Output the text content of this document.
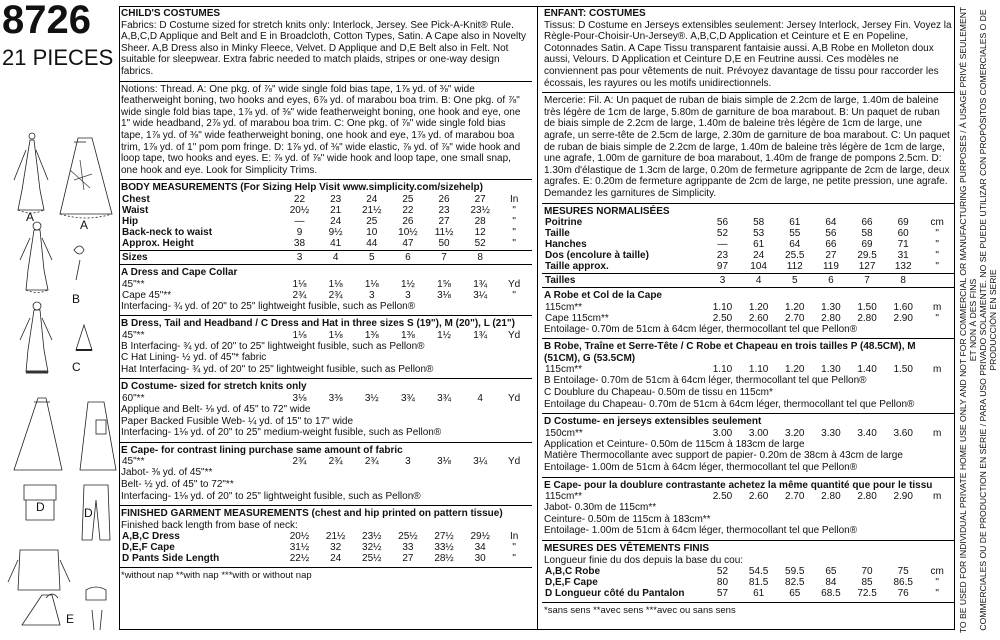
8726
21 PIECES
A
A
B
C
D	D
E
CHILD'S COSTUMES
Fabrics: D Costume sized for stretch knits only: Interlock, Jersey. See Pick-A-Knit® Rule. A,B,C,D Applique and Belt and E in Broadcloth, Cotton Types, Satin. A Cape also in Novelty Sheer. A,B Dress also in Minky Fleece, Velvet. D Applique and D,E Belt also in Felt. Not suitable for sleepwear. Extra fabric needed to match plaids, stripes or one-way design fabrics.
Notions: Thread. A: One pkg. of ⅞" wide single fold bias tape, 1⅞ yd. of ⅜" wide featherweight boning, two hooks and eyes, 6⅞ yd. of marabou boa trim. B: One pkg. of ⅞" wide single fold bias tape, 1⅞ yd. of ⅜" wide featherweight boning, one hook and eye, one 1" wide headband, 2⅞ yd. of marabou boa trim. C: One pkg. of ⅞" wide single fold bias tape, 1⅞ yd. of ⅜" wide featherweight boning, one hook and eye, 1⅞ yd. of marabou boa trim, 1⅞ yd. of 1" pom pom fringe. D: 1⅞ yd. of ⅜" wide elastic, ⅞ yd. of ⅞" wide hook and loop tape, two hooks and eyes. E: ⅞ yd. of ⅞" wide hook and loop tape, one small snap, one hook and eye. Look for Simplicity Trims.
BODY MEASUREMENTS (For Sizing Help Visit www.simplicity.com/sizehelp)
Chest	22	23	24	25	26	27	In
Waist	20½	21	21½	22	23	23½	"
Hip	—	24	25	26	27	28	"
Back-neck to waist	9	9½	10	10½	11½	12	"
Approx. Height	38	41	44	47	50	52	"
Sizes	3	4	5	6	7	8	
A Dress and Cape Collar
45"**	1⅛	1⅛	1⅛	1½	1⅝	1¾	Yd
Cape 45"**	2¾	2¾	3	3	3⅛	3¼	"
Interfacing- ¾ yd. of 20" to 25" lightweight fusible, such as Pellon®
B Dress, Tail and Headband / C Dress and Hat in three sizes S (19"), M (20"), L (21")
45"**	1⅛	1⅛	1⅜	1⅜	1½	1¾	Yd
B Interfacing- ¾ yd. of 20" to 25" lightweight fusible, such as Pellon®
C Hat Lining- ½ yd. of 45"* fabric
Hat Interfacing- ¾ yd. of 20" to 25" lightweight fusible, such as Pellon®
D Costume- sized for stretch knits only
60"**	3⅛	3⅜	3½	3¾	3¾	4	Yd
Applique and Belt- ⅛ yd. of 45" to 72" wide
Paper Backed Fusible Web- ¼ yd. of 15" to 17" wide
Interfacing- 1⅛ yd. of 20" to 25" medium-weight fusible, such as Pellon®
E Cape- for contrast lining purchase same amount of fabric
45"**	2¾	2¾	2¾	3	3⅛	3¼	Yd
Jabot- ⅜ yd. of 45"**
Belt- ½ yd. of 45" to 72"**
Interfacing- 1⅛ yd. of 20" to 25" lightweight fusible, such as Pellon®
FINISHED GARMENT MEASUREMENTS (chest and hip printed on pattern tissue)
Finished back length from base of neck:
A,B,C Dress	20½	21½	23½	25½	27½	29½	In
D,E,F Cape	31½	32	32½	33	33½	34	"
D Pants Side Length	22½	24	25½	27	28½	30	"
*without nap **with nap ***with or without nap
ENFANT: COSTUMES
Tissus: D Costume en Jerseys extensibles seulement: Jersey Interlock, Jersey Fin. Voyez la Règle-Pour-Choisir-Un-Jersey®. A,B,C,D Application et Ceinture et E en Popeline, Cotonnades Satin. A Cape Tissu transparent fantaisie aussi. A,B Robe en Molleton doux aussi, Velours. D Application et Ceinture D,E en Feutrine aussi. Ces modèles ne conviennent pas pour vêtements de nuit. Prévoyez davantage de tissu pour raccorder les écossais, les rayures ou les motifs unidirectionnels.
Mercerie: Fil. A: Un paquet de ruban de biais simple de 2.2cm de large, 1.40m de baleine très légère de 1cm de large, 5.80m de garniture de boa marabout. B: Un paquet de ruban de biais simple de 2.2cm de large, 1.40m de baleine très légère de 1cm de large, une agrafe, un serre-tête de 2.5cm de large, 2.30m de garniture de boa marabout. C: Un paquet de ruban de biais simple de 2.2cm de large, 1.40m de baleine très légère de 1cm de large, une agrafe, 1.00m de garniture de boa marabout, 1.40m de frange de pompons 2.5cm. D: 1.30m d'élastique de 1.3cm de large, 0.20m de fermeture agrippante de 2cm de large, deux agrafes. E: 0.20m de fermeture agrippante de 2cm de large, ne petite pression, une agrafe. Demandez les garnitures de Simplicity.
MESURES NORMALISÉES
Poitrine	56	58	61	64	66	69	cm
Taille	52	53	55	56	58	60	"
Hanches	—	61	64	66	69	71	"
Dos (encolure à taille)	23	24	25.5	27	29.5	31	"
Taille approx.	97	104	112	119	127	132	"
Tailles	3	4	5	6	7	8	
A Robe et Col de la Cape
115cm**	1.10	1.20	1.20	1.30	1.50	1.60	m
Cape 115cm**	2.50	2.60	2.70	2.80	2.80	2.90	"
Entoilage- 0.70m de 51cm à 64cm léger, thermocollant tel que Pellon®
B Robe, Traîne et Serre-Tête / C Robe et Chapeau en trois tailles P (48.5CM), M (51CM), G (53.5CM)
115cm**	1.10	1.10	1.20	1.30	1.40	1.50	m
B Entoilage- 0.70m de 51cm à 64cm léger, thermocollant tel que Pellon®
C Doublure du Chapeau- 0.50m de tissu en 115cm*
Entoilage du Chapeau- 0.70m de 51cm à 64cm léger, thermocollant tel que Pellon®
D Costume- en jerseys extensibles seulement
150cm**	3.00	3.00	3.20	3.30	3.40	3.60	m
Application et Ceinture- 0.50m de 115cm à 183cm de large
Matière Thermocollante avec support de papier- 0.20m de 38cm à 43cm de large
Entoilage- 1.00m de 51cm à 64cm léger, thermocollant tel que Pellon®
E Cape- pour la doublure contrastante achetez la même quantité que pour le tissu
115cm**	2.50	2.60	2.70	2.80	2.80	2.90	m
Jabot- 0.30m de 115cm**
Ceinture- 0.50m de 115cm à 183cm**
Entoilage- 1.00m de 51cm à 64cm léger, thermocollant tel que Pellon®
MESURES DES VÊTEMENTS FINIS
Longueur finie du dos depuis la base du cou:
A,B,C Robe	52	54.5	59.5	65	70	75	cm
D,E,F Cape	80	81.5	82.5	84	85	86.5	"
D Longueur côté du Pantalon	57	61	65	68.5	72.5	76	"
*sans sens **avec sens ***avec ou sans sens	TO BE USED FOR INDIVIDUAL PRIVATE HOME USE ONLY AND NOT FOR COMMERCIAL OR MANUFACTURING PURPOSES / À USAGE PRIVÉ SEULEMENT ET NON À DES FINS COMMERCIALES OU DE PRODUCTION EN SÉRIE / PARA USO PRIVADO SOLAMENTE. NO SE PUEDE UTILIZAR CON PROPÓSITOS COMERCIALES O DE PRODUCCIÓN EN SERIE
